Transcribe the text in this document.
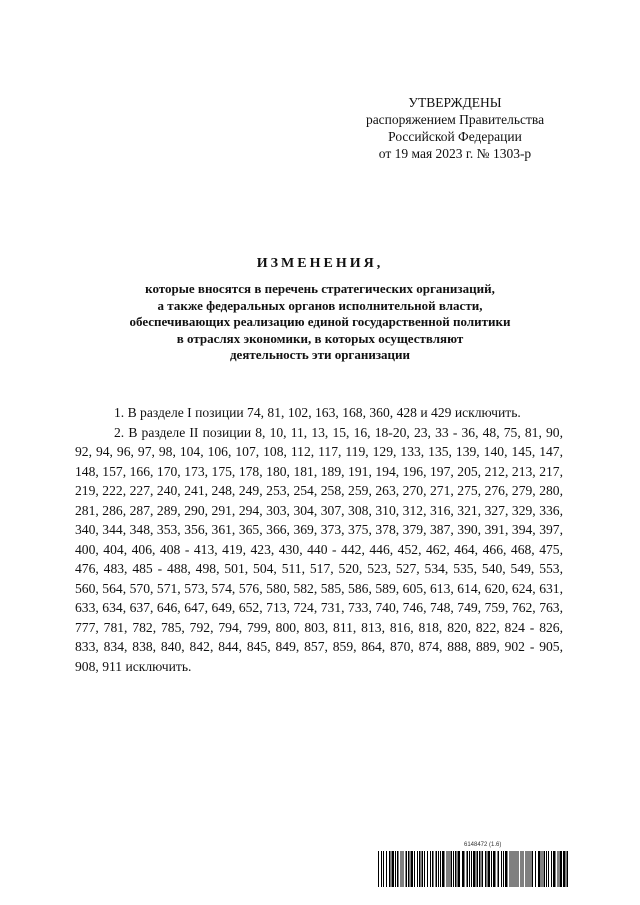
УТВЕРЖДЕНЫ
распоряжением Правительства
Российской Федерации
от 19 мая 2023 г. № 1303-р
ИЗМЕНЕНИЯ,
которые вносятся в перечень стратегических организаций,
а также федеральных органов исполнительной власти,
обеспечивающих реализацию единой государственной политики
в отраслях экономики, в которых осуществляют
деятельность эти организации

1. В разделе I позиции 74, 81, 102, 163, 168, 360, 428 и 429 исключить.

2. В разделе II позиции 8, 10, 11, 13, 15, 16, 18-20, 23, 33 - 36, 48, 75, 81, 90, 92, 94, 96, 97, 98, 104, 106, 107, 108, 112, 117, 119, 129, 133, 135, 139, 140, 145, 147, 148, 157, 166, 170, 173, 175, 178, 180, 181, 189, 191, 194, 196, 197, 205, 212, 213, 217, 219, 222, 227, 240, 241, 248, 249, 253, 254, 258, 259, 263, 270, 271, 275, 276, 279, 280, 281, 286, 287, 289, 290, 291, 294, 303, 304, 307, 308, 310, 312, 316, 321, 327, 329, 336, 340, 344, 348, 353, 356, 361, 365, 366, 369, 373, 375, 378, 379, 387, 390, 391, 394, 397, 400, 404, 406, 408 - 413, 419, 423, 430, 440 - 442, 446, 452, 462, 464, 466, 468, 475, 476, 483, 485 - 488, 498, 501, 504, 511, 517, 520, 523, 527, 534, 535, 540, 549, 553, 560, 564, 570, 571, 573, 574, 576, 580, 582, 585, 586, 589, 605, 613, 614, 620, 624, 631, 633, 634, 637, 646, 647, 649, 652, 713, 724, 731, 733, 740, 746, 748, 749, 759, 762, 763, 777, 781, 782, 785, 792, 794, 799, 800, 803, 811, 813, 816, 818, 820, 822, 824 - 826, 833, 834, 838, 840, 842, 844, 845, 849, 857, 859, 864, 870, 874, 888, 889, 902 - 905, 908, 911 исключить.

6148472 (1.6)
